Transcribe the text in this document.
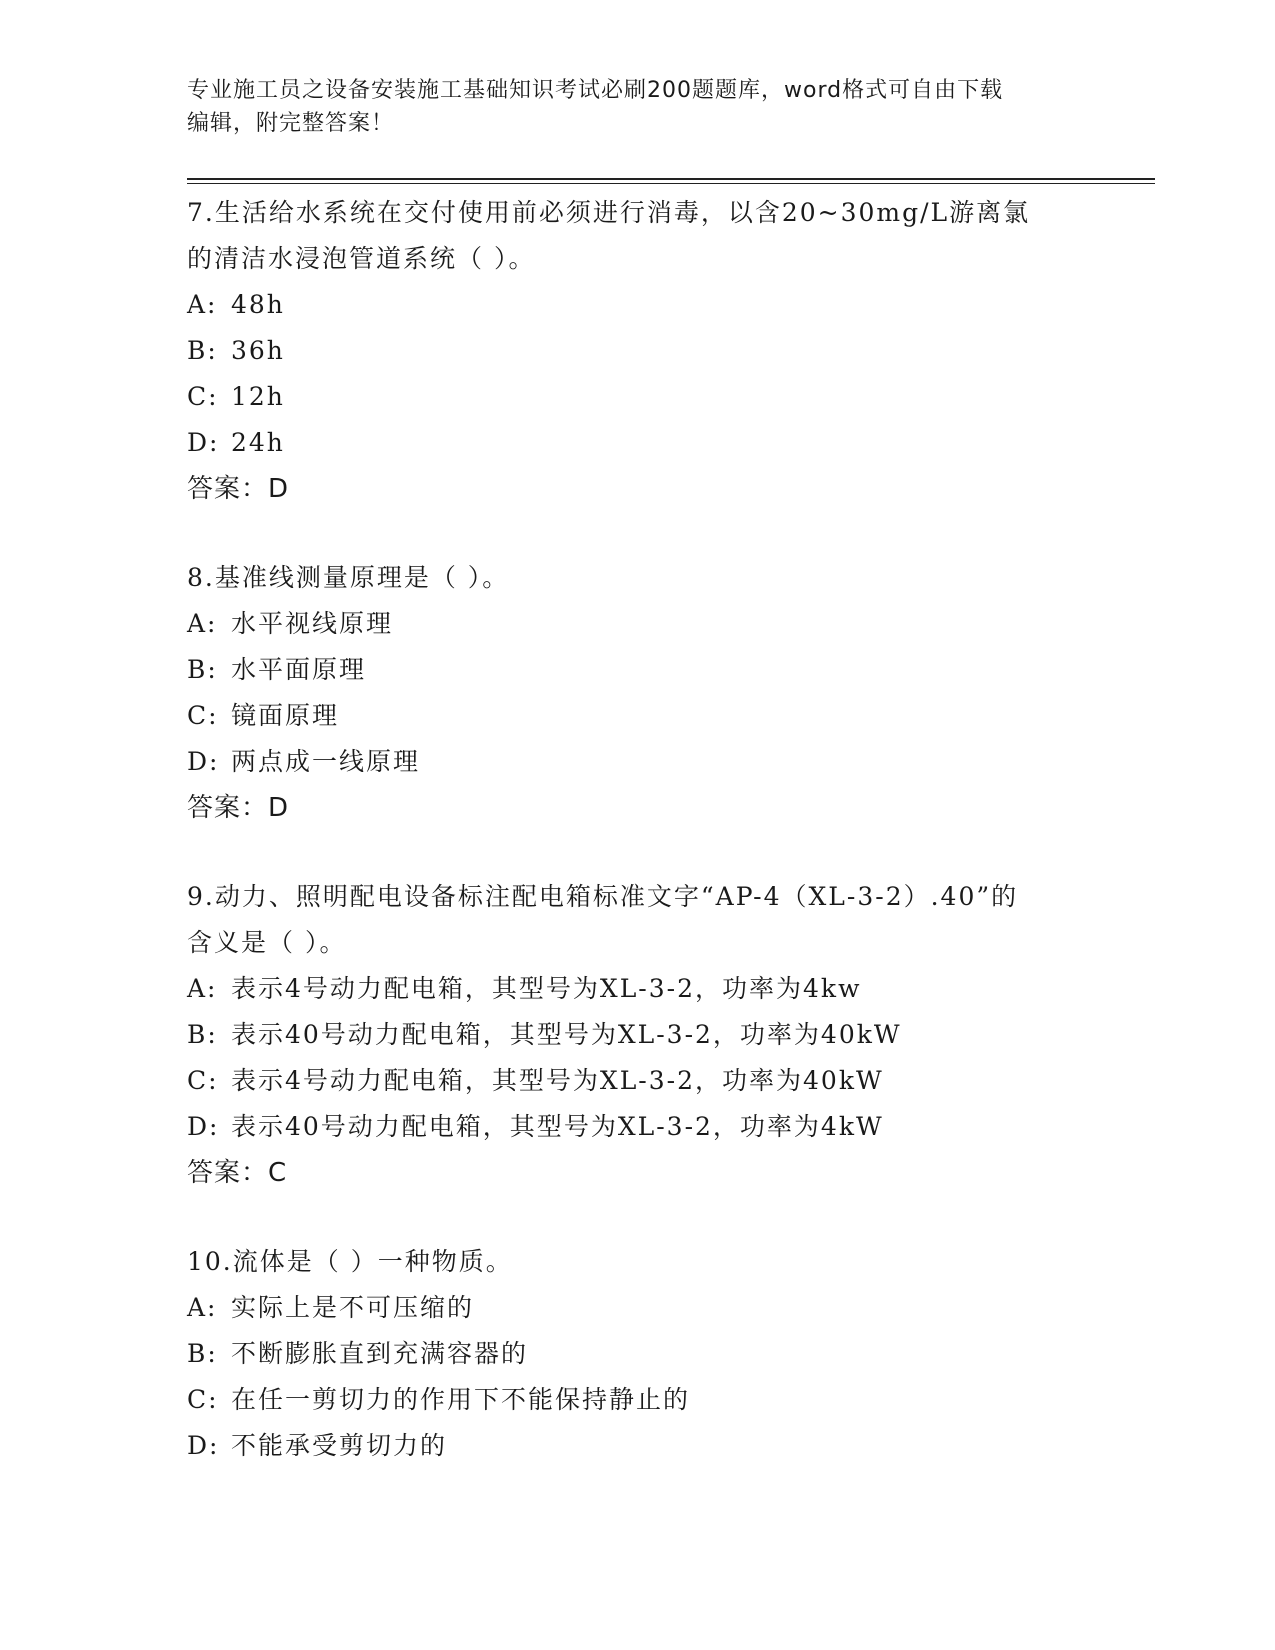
专业施工员之设备安装施工基础知识考试必刷200题题库，word格式可自由下载
编辑，附完整答案！

7.生活给水系统在交付使用前必须进行消毒，以含20~30mg/L游离氯

的清洁水浸泡管道系统（ ）。

A: 48h

B: 36h

C: 12h

D: 24h

答案：D

8.基准线测量原理是（ ）。

A: 水平视线原理

B: 水平面原理

C: 镜面原理

D: 两点成一线原理

答案：D

9.动力、照明配电设备标注配电箱标准文字“AP-4（XL-3-2）.40”的

含义是（ ）。

A: 表示4号动力配电箱，其型号为XL-3-2，功率为4kw

B: 表示40号动力配电箱，其型号为XL-3-2，功率为40kW

C: 表示4号动力配电箱，其型号为XL-3-2，功率为40kW

D: 表示40号动力配电箱，其型号为XL-3-2，功率为4kW

答案：C

10.流体是（ ）一种物质。

A: 实际上是不可压缩的

B: 不断膨胀直到充满容器的

C: 在任一剪切力的作用下不能保持静止的

D: 不能承受剪切力的
